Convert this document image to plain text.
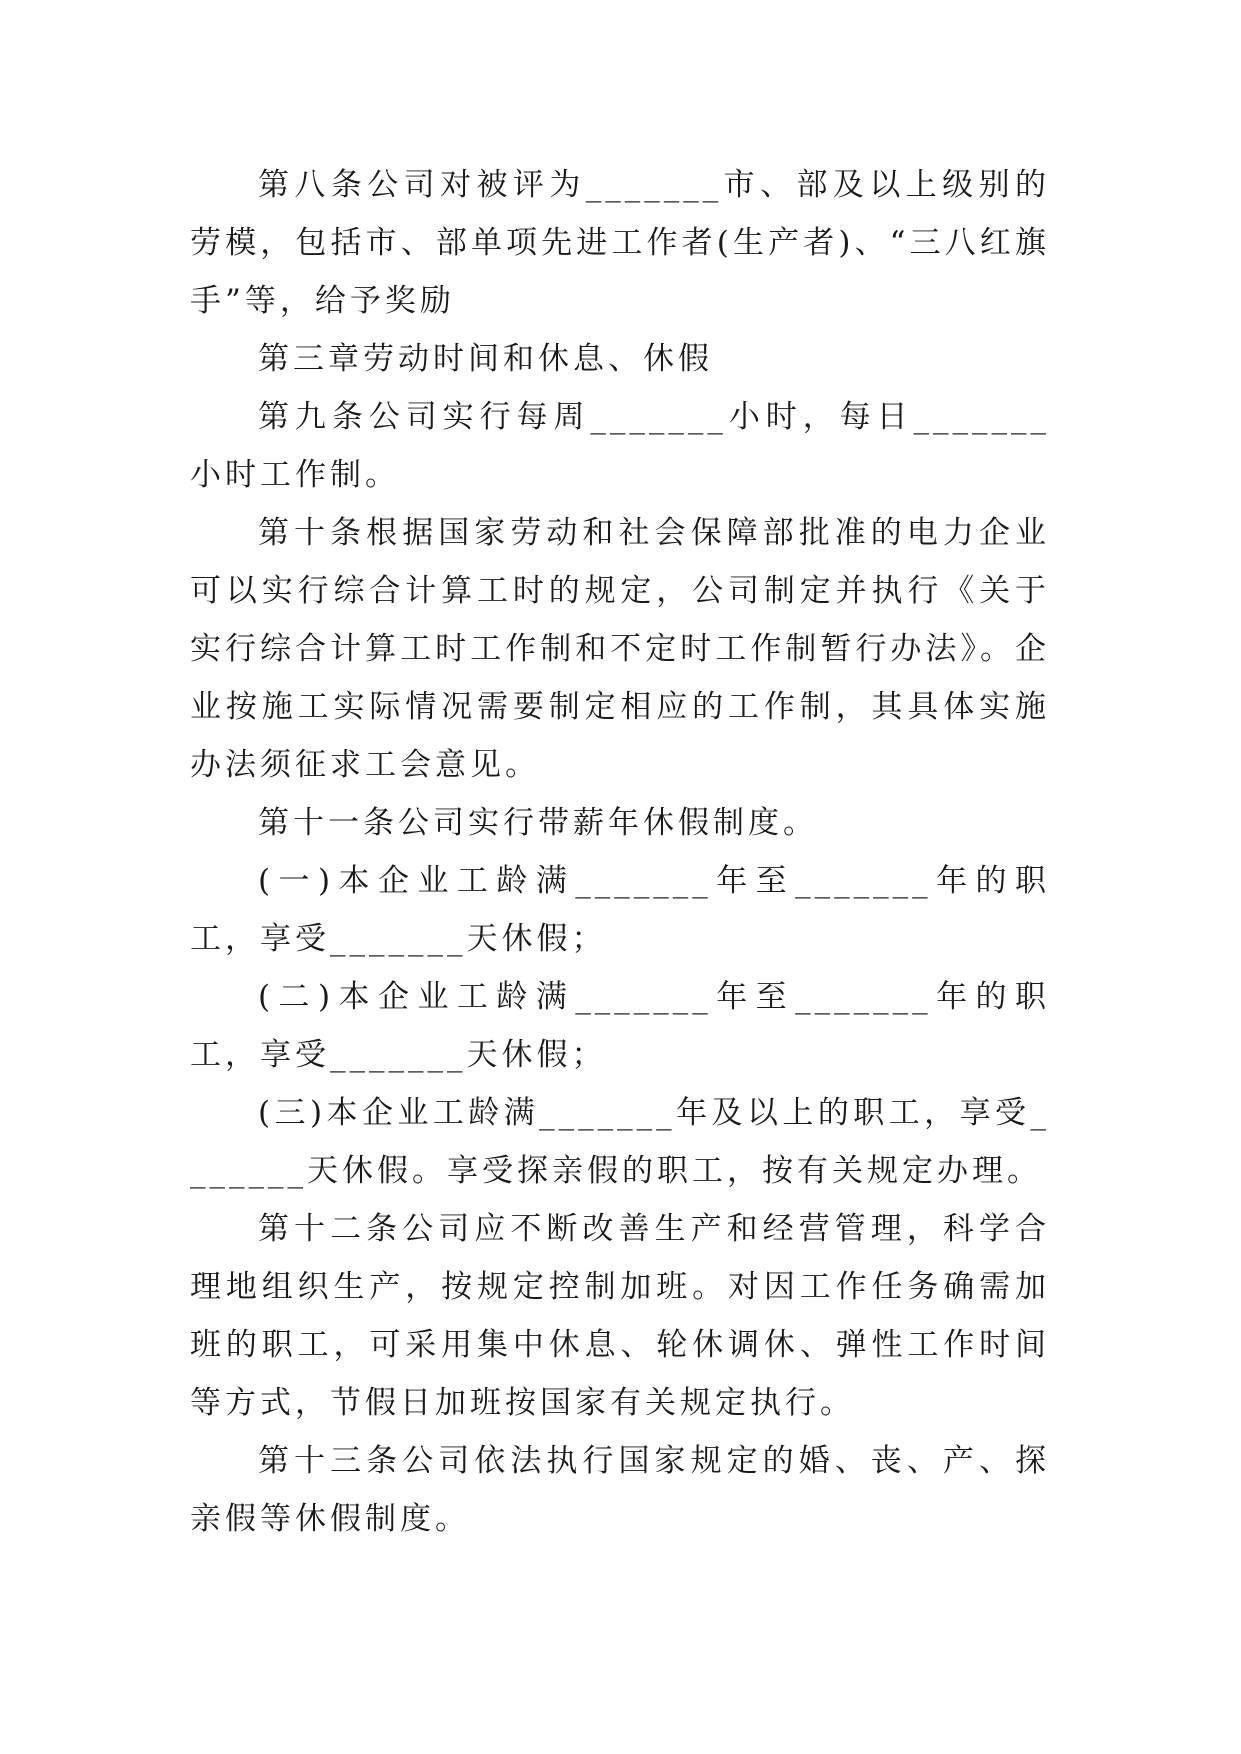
第八条公司对被评为_______市、部及以上级别的劳模，包括市、部单项先进工作者(生产者)、“三八红旗手”等，给予奖励

第三章劳动时间和休息、休假

第九条公司实行每周_______小时，每日_______小时工作制。

第十条根据国家劳动和社会保障部批准的电力企业可以实行综合计算工时的规定，公司制定并执行《关于实行综合计算工时工作制和不定时工作制暂行办法》。企业按施工实际情况需要制定相应的工作制，其具体实施办法须征求工会意见。

第十一条公司实行带薪年休假制度。

(一)本企业工龄满_______年至_______年的职工，享受_______天休假；

(二)本企业工龄满_______年至_______年的职工，享受_______天休假；

(三)本企业工龄满_______年及以上的职工，享受_______天休假。享受探亲假的职工，按有关规定办理。

第十二条公司应不断改善生产和经营管理，科学合理地组织生产，按规定控制加班。对因工作任务确需加班的职工，可采用集中休息、轮休调休、弹性工作时间等方式，节假日加班按国家有关规定执行。

第十三条公司依法执行国家规定的婚、丧、产、探亲假等休假制度。
